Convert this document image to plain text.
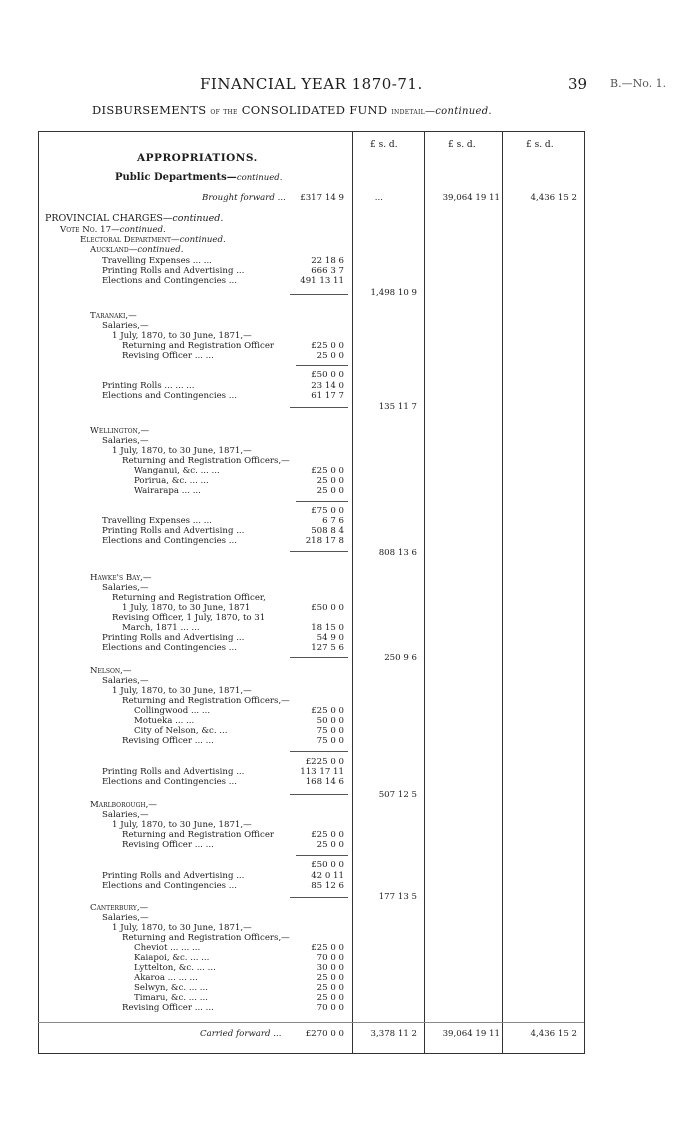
FINANCIAL YEAR 1870-71.	39 B.—No. 1.
DISBURSEMENTS of the CONSOLIDATED FUND indetail—continued.
£ s. d.	£ s. d.	£ s. d.
APPROPRIATIONS.
Public Departments—continued.
Brought forward ... £317 14 9	...	39,064 19 11	4,436 15 2
PROVINCIAL CHARGES—continued.
Vote No. 17—continued.
Electoral Department—continued.
Auckland—continued.
Travelling Expenses ... ...	22 18 6
Printing Rolls and Advertising ...	666 3 7
Elections and Contingencies ...	491 13 11
1,498 10 9
Taranaki,—
Salaries,—
1 July, 1870, to 30 June, 1871,—
Returning and Registration Officer	£25 0 0
Revising Officer ... ...	25 0 0
£50 0 0
Printing Rolls ... ... ...	23 14 0
Elections and Contingencies ...	61 17 7
135 11 7
Wellington,—
Salaries,—
1 July, 1870, to 30 June, 1871,—
Returning and Registration Officers,—
Wanganui, &c. ... ...	£25 0 0
Porirua, &c. ... ...	25 0 0
Wairarapa ... ...	25 0 0
£75 0 0
Travelling Expenses ... ...	6 7 6
Printing Rolls and Advertising ...	508 8 4
Elections and Contingencies ...	218 17 8
808 13 6
Hawke's Bay,—
Salaries,—
Returning and Registration Officer,
1 July, 1870, to 30 June, 1871	£50 0 0
Revising Officer, 1 July, 1870, to 31
March, 1871 ... ...	18 15 0
Printing Rolls and Advertising ...	54 9 0
Elections and Contingencies ...	127 5 6
250 9 6
Nelson,—
Salaries,—
1 July, 1870, to 30 June, 1871,—
Returning and Registration Officers,—
Collingwood ... ...	£25 0 0
Motueka ... ...	50 0 0
City of Nelson, &c. ...	75 0 0
Revising Officer ... ...	75 0 0
£225 0 0
Printing Rolls and Advertising ...	113 17 11
Elections and Contingencies ...	168 14 6
507 12 5
Marlborough,—
Salaries,—
1 July, 1870, to 30 June, 1871,—
Returning and Registration Officer	£25 0 0
Revising Officer ... ...	25 0 0
£50 0 0
Printing Rolls and Advertising ...	42 0 11
Elections and Contingencies ...	85 12 6
177 13 5
Canterbury,—
Salaries,—
1 July, 1870, to 30 June, 1871,—
Returning and Registration Officers,—
Cheviot ... ... ...	£25 0 0
Kaiapoi, &c. ... ...	70 0 0
Lyttelton, &c. ... ...	30 0 0
Akaroa ... ... ...	25 0 0
Selwyn, &c. ... ...	25 0 0
Timaru, &c. ... ...	25 0 0
Revising Officer ... ...	70 0 0
Carried forward ...	£270 0 0	3,378 11 2	39,064 19 11	4,436 15 2
